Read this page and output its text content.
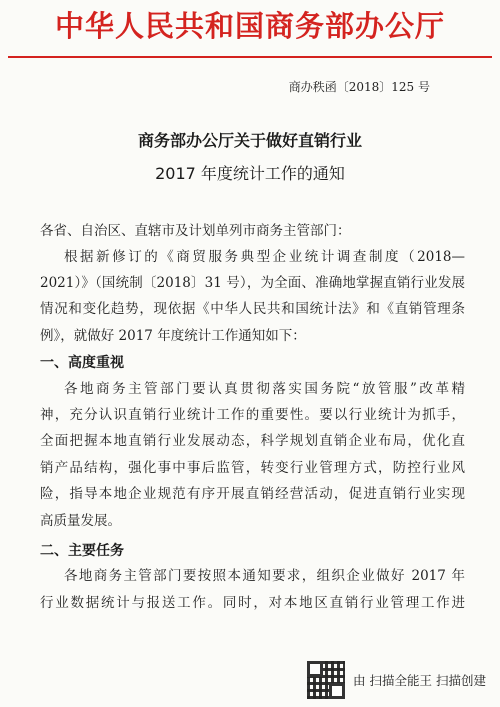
中华人民共和国商务部办公厅
商办秩函〔2018〕125 号
商务部办公厅关于做好直销行业
2017 年度统计工作的通知
各省、自治区、直辖市及计划单列市商务主管部门：
根据新修订的《商贸服务典型企业统计调查制度（2018—
2021）》（国统制〔2018〕31 号），为全面、准确地掌握直销行业发展
情况和变化趋势，现依据《中华人民共和国统计法》和《直销管理条
例》，就做好 2017 年度统计工作通知如下：
一、高度重视
各地商务主管部门要认真贯彻落实国务院“放管服”改革精
神，充分认识直销行业统计工作的重要性。要以行业统计为抓手，
全面把握本地直销行业发展动态，科学规划直销企业布局，优化直
销产品结构，强化事中事后监管，转变行业管理方式，防控行业风
险，指导本地企业规范有序开展直销经营活动，促进直销行业实现
高质量发展。
二、主要任务
各地商务主管部门要按照本通知要求，组织企业做好 2017 年
行业数据统计与报送工作。同时，对本地区直销行业管理工作进
由 扫描全能王 扫描创建
